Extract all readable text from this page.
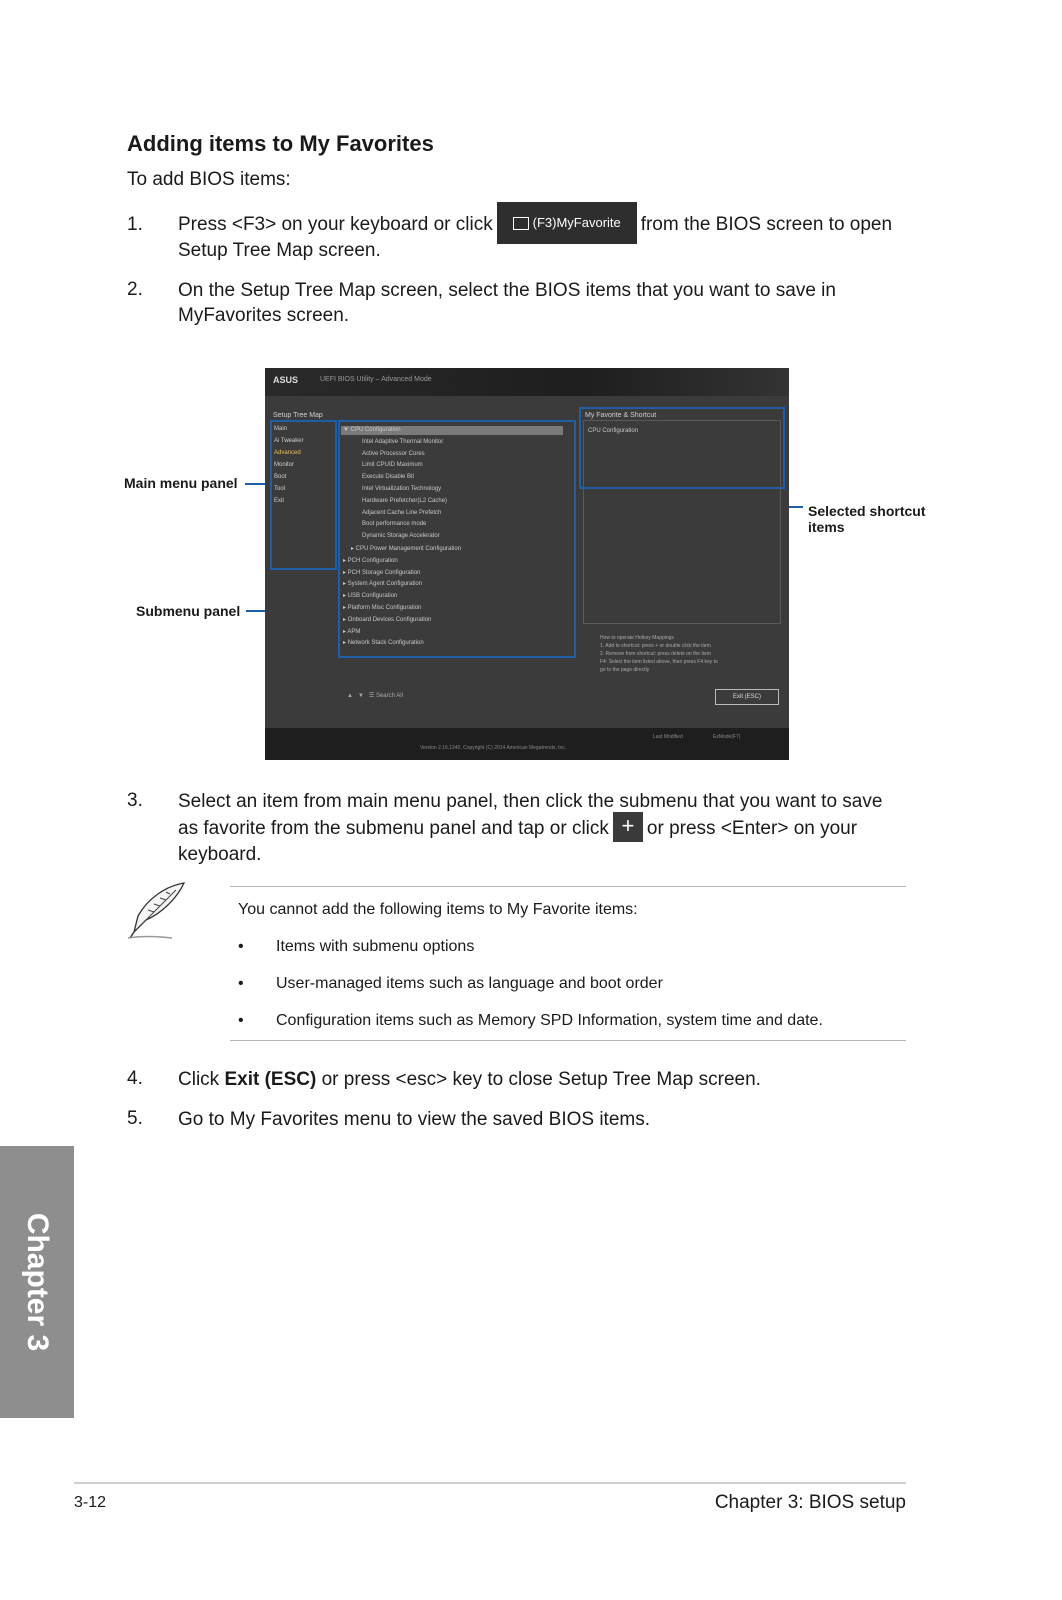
Adding items to My Favorites
To add BIOS items:
1. Press <F3> on your keyboard or click	(F3)MyFavorite from the BIOS screen to open
Setup Tree Map screen.
2. On the Setup Tree Map screen, select the BIOS items that you want to save in
MyFavorites screen.
Main menu panel
Submenu panel
Selected shortcut
items
ASUS	UEFI BIOS Utility – Advanced Mode
Setup Tree Map
Main
Ai Tweaker
Advanced
Monitor
Boot
Tool
Exit
▼ CPU Configuration
Intel Adaptive Thermal Monitor
Active Processor Cores
Limit CPUID Maximum
Execute Disable Bit
Intel Virtualization Technology
Hardware Prefetcher(L2 Cache)
Adjacent Cache Line Prefetch
Boot performance mode
Dynamic Storage Accelerator
▸ CPU Power Management Configuration
▸ PCH Configuration
▸ PCH Storage Configuration
▸ System Agent Configuration
▸ USB Configuration
▸ Platform Misc Configuration
▸ Onboard Devices Configuration
▸ APM
▸ Network Stack Configuration
My Favorite & Shortcut
CPU Configuration
How to operate Hotkey Mappings
1. Add to shortcut: press + or double click the item
2. Remove from shortcut: press delete on the item
F4: Select the item listed above, then press F4 key to
go to the page directly
▲   ▼   ☰ Search All	Exit (ESC)
Version 2.16.1240. Copyright (C) 2014 American Megatrends, Inc.
Last Modified	EzMode(F7)
3. Select an item from main menu panel, then click the submenu that you want to save
as favorite from the submenu panel and tap or click + or press <Enter> on your
keyboard.
You cannot add the following items to My Favorite items:
• Items with submenu options
• User-managed items such as language and boot order
• Configuration items such as Memory SPD Information, system time and date.
4. Click Exit (ESC) or press <esc> key to close Setup Tree Map screen.
5. Go to My Favorites menu to view the saved BIOS items.
Chapter 3
3-12	Chapter 3: BIOS setup
